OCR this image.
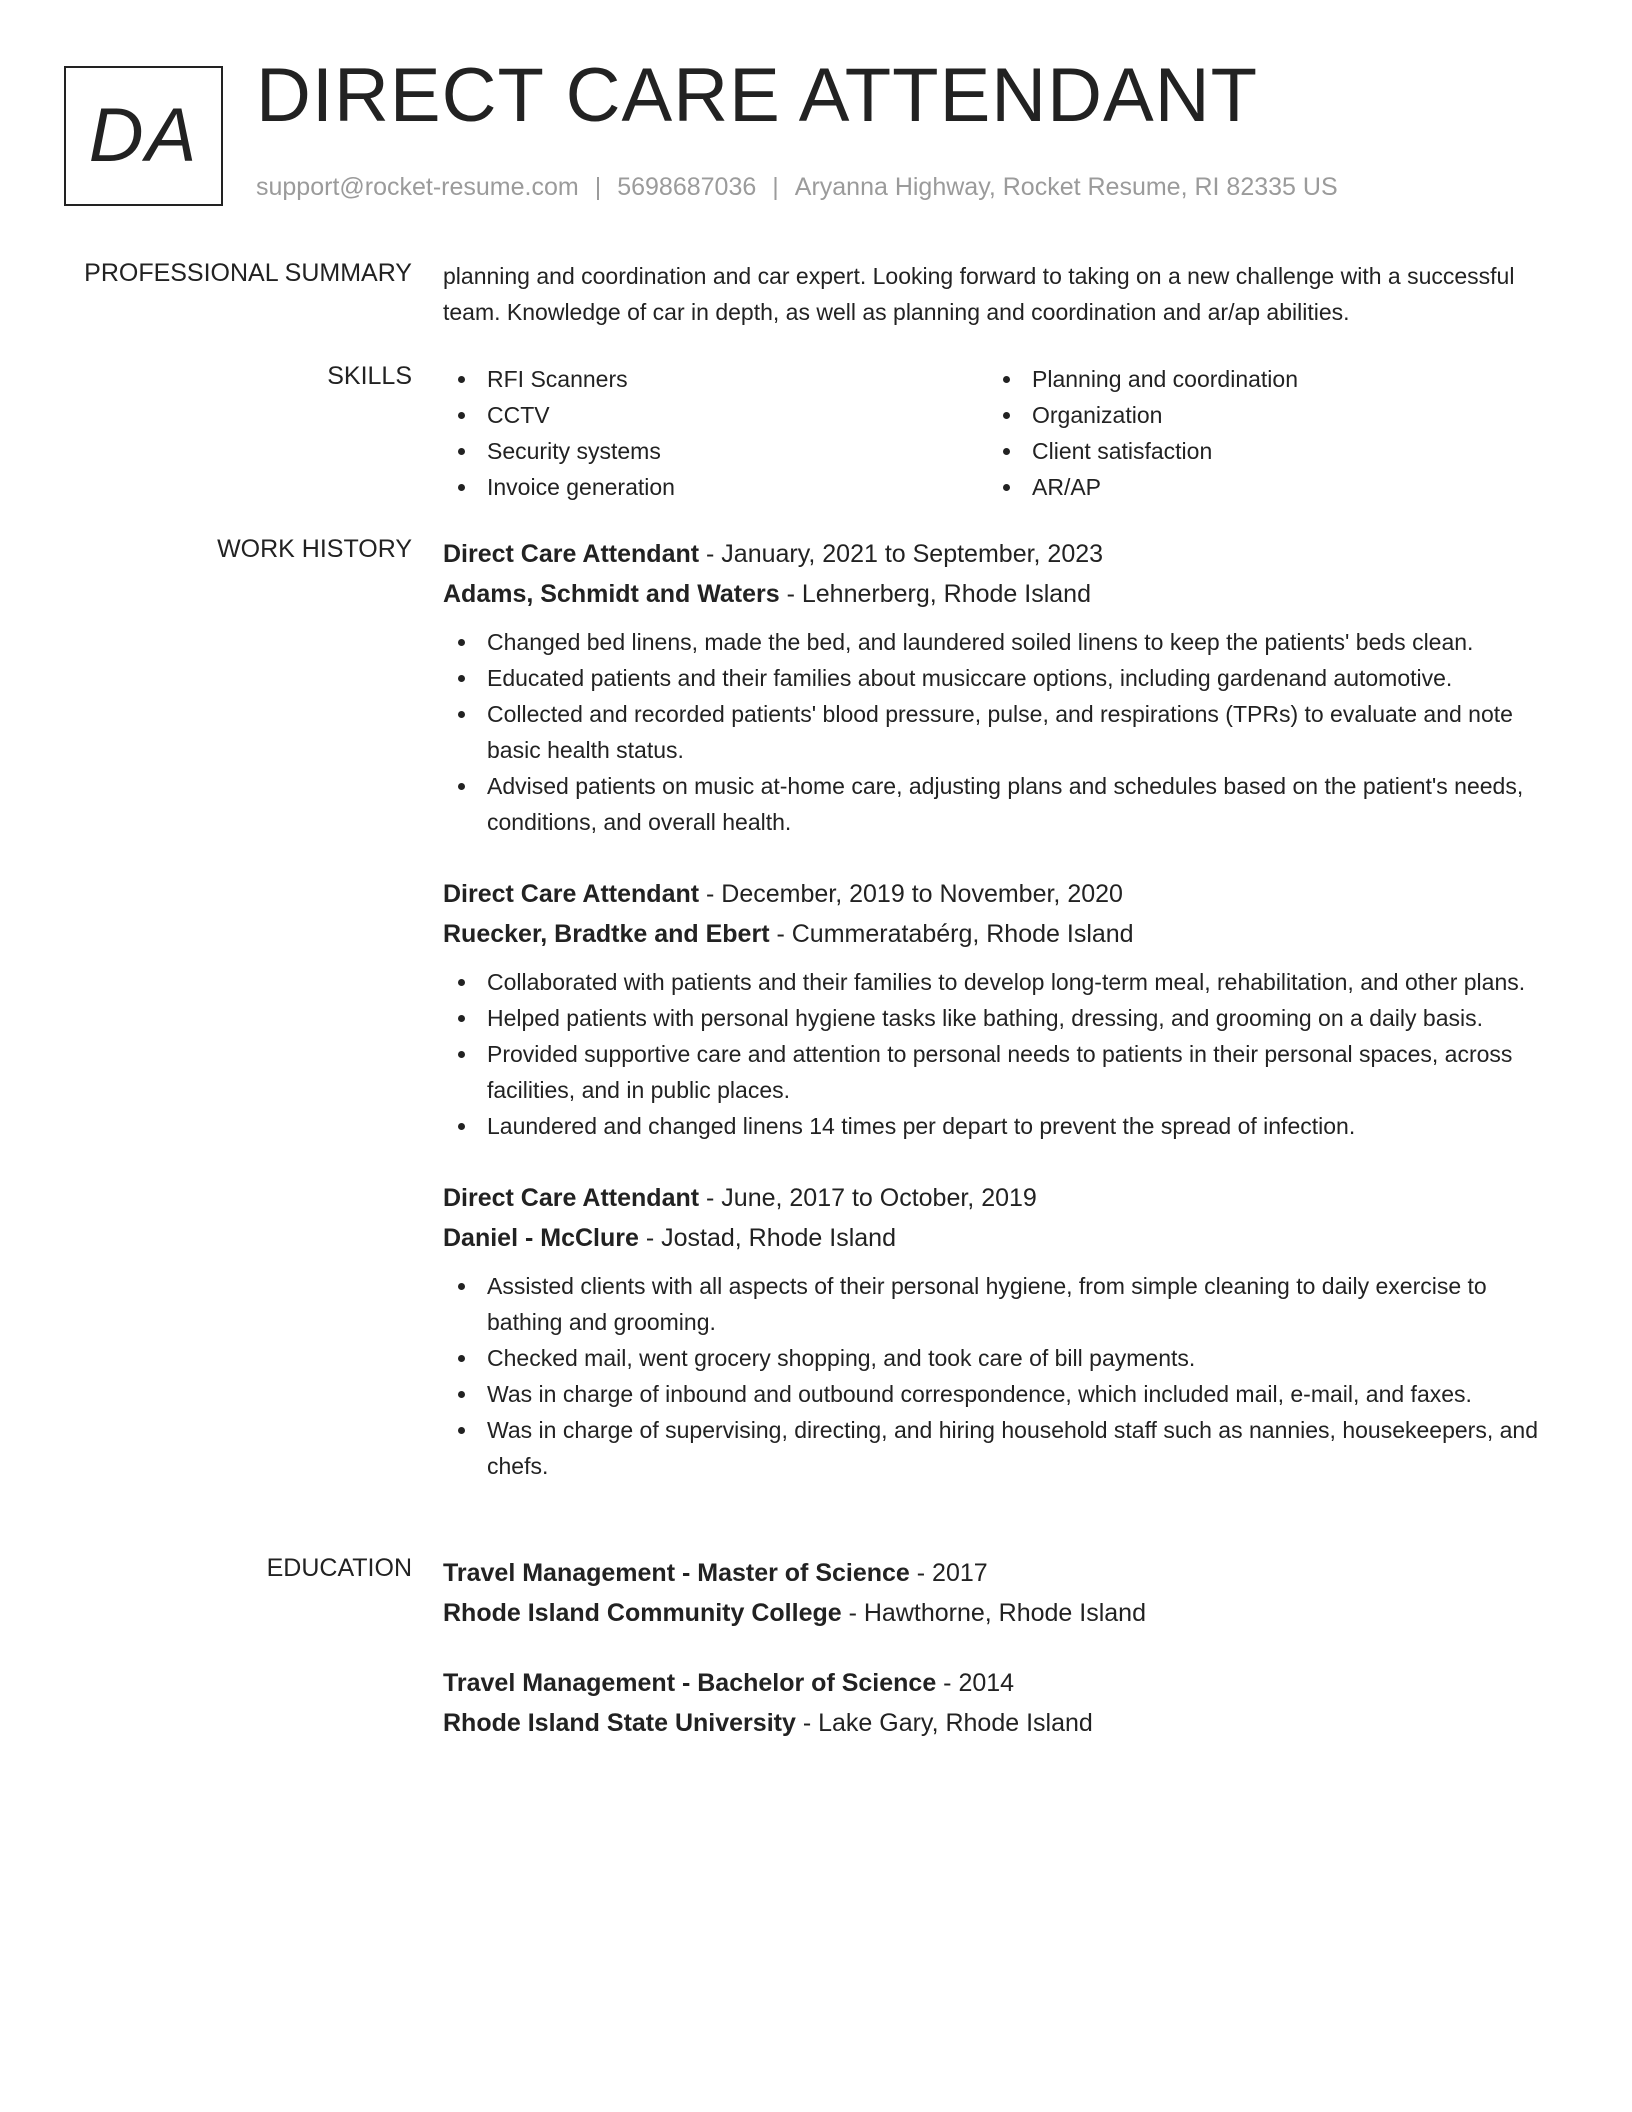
DA DIRECT CARE ATTENDANT
support@rocket-resume.com | 5698687036 | Aryanna Highway, Rocket Resume, RI 82335 US
PROFESSIONAL SUMMARY planning and coordination and car expert. Looking forward to taking on a new challenge with a successful team. Knowledge of car in depth, as well as planning and coordination and ar/ap abilities.

SKILLS	RFI Scanners
CCTV
Security systems
Invoice generation
Planning and coordination
Organization
Client satisfaction
AR/AP
WORK HISTORY Direct Care Attendant - January, 2021 to September, 2023
Adams, Schmidt and Waters - Lehnerberg, Rhode Island
Changed bed linens, made the bed, and laundered soiled linens to keep the patients' beds clean.
Educated patients and their families about musiccare options, including gardenand automotive.
Collected and recorded patients' blood pressure, pulse, and respirations (TPRs) to evaluate and note basic health status.
Advised patients on music at-home care, adjusting plans and schedules based on the patient's needs, conditions, and overall health.
Direct Care Attendant - December, 2019 to November, 2020
Ruecker, Bradtke and Ebert - Cummeratabérg, Rhode Island
Collaborated with patients and their families to develop long-term meal, rehabilitation, and other plans.
Helped patients with personal hygiene tasks like bathing, dressing, and grooming on a daily basis.
Provided supportive care and attention to personal needs to patients in their personal spaces, across facilities, and in public places.
Laundered and changed linens 14 times per depart to prevent the spread of infection.
Direct Care Attendant - June, 2017 to October, 2019
Daniel - McClure - Jostad, Rhode Island
Assisted clients with all aspects of their personal hygiene, from simple cleaning to daily exercise to bathing and grooming.
Checked mail, went grocery shopping, and took care of bill payments.
Was in charge of inbound and outbound correspondence, which included mail, e-mail, and faxes.
Was in charge of supervising, directing, and hiring household staff such as nannies, housekeepers, and chefs.
EDUCATION Travel Management - Master of Science - 2017
Rhode Island Community College - Hawthorne, Rhode Island
Travel Management - Bachelor of Science - 2014
Rhode Island State University - Lake Gary, Rhode Island
